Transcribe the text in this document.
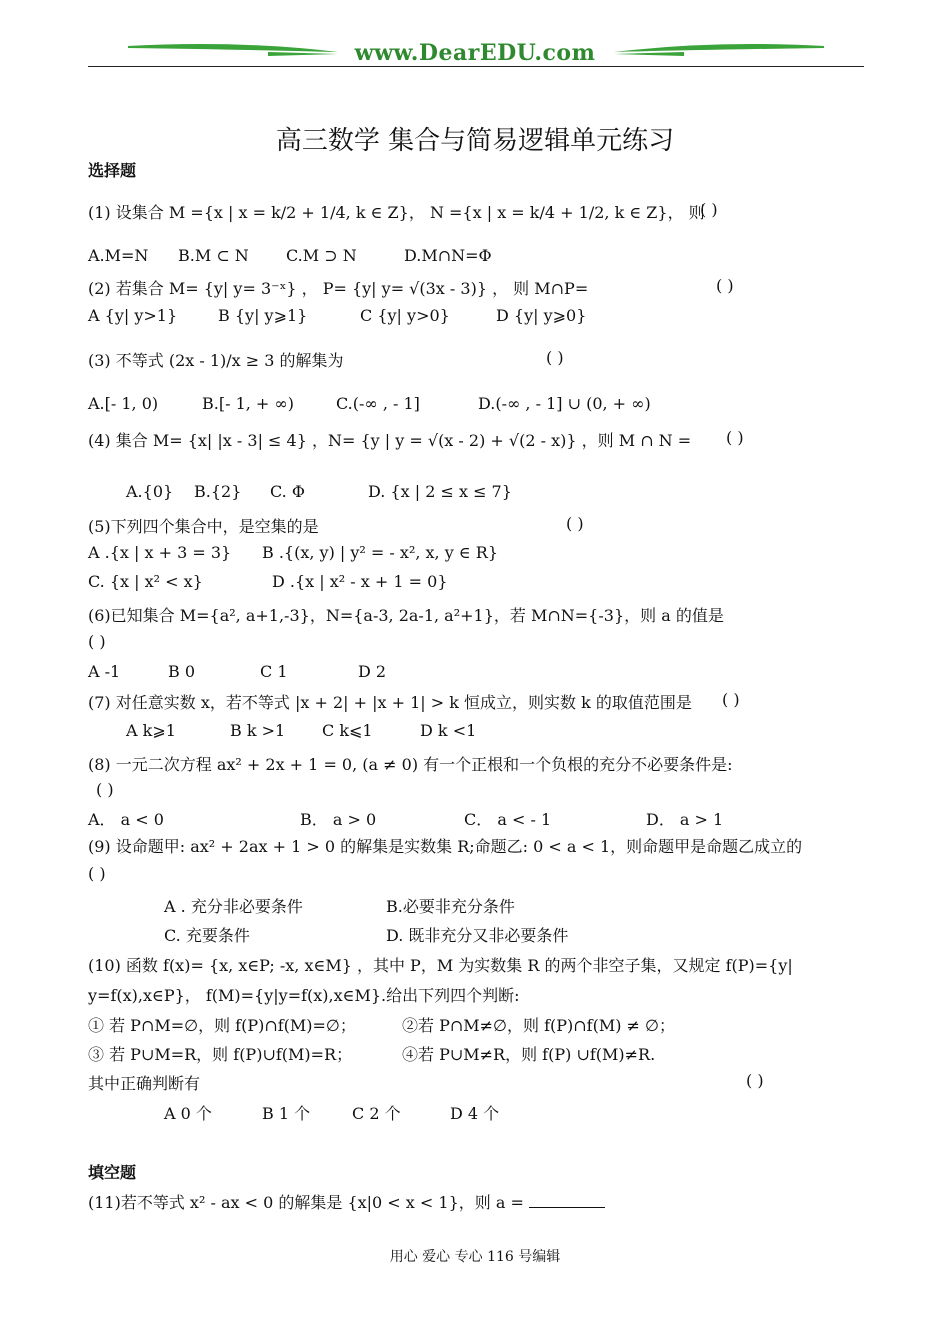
www.DearEDU.com
高三数学 集合与简易逻辑单元练习
选择题
(1) 设集合 M ={x | x = k/2 + 1/4, k ∈ Z}， N ={x | x = k/4 + 1/2, k ∈ Z}， 则
( )
A.M=N B.M ⊂ N C.M ⊃ N	D.M∩N=Φ
(2) 若集合 M= {y| y= 3⁻ˣ} ， P= {y| y= √(3x - 3)} ， 则 M∩P=	( )
A {y| y>1}	B {y| y⩾1}	C {y| y>0}	D {y| y⩾0}
(3) 不等式 (2x - 1)/x ≥ 3 的解集为	( )
A.[- 1, 0)	B.[- 1, + ∞)	C.(-∞ , - 1]	D.(-∞ , - 1] ∪ (0, + ∞)
(4) 集合 M= {x| |x - 3| ≤ 4} ，N= {y | y = √(x - 2) + √(2 - x)} ，则 M ∩ N = ( )
A.{0} B.{2} C. Φ	D. {x | 2 ≤ x ≤ 7}
(5)下列四个集合中，是空集的是	( )
A .{x | x + 3 = 3} B .{(x, y) | y² = - x², x, y ∈ R}
C. {x | x² < x}	D .{x | x² - x + 1 = 0}
(6)已知集合 M={a², a+1,-3}，N={a-3, 2a-1, a²+1}，若 M∩N={-3}，则 a 的值是
( )
A -1	B 0	C 1	D 2
(7) 对任意实数 x，若不等式 |x + 2| + |x + 1| > k 恒成立，则实数 k 的取值范围是 ( )
A k⩾1	B k >1 C k⩽1	D k <1
(8) 一元二次方程 ax² + 2x + 1 = 0, (a ≠ 0) 有一个正根和一个负根的充分不必要条件是:
( )
A． a < 0	B． a > 0	C． a < - 1	D． a > 1
(9) 设命题甲: ax² + 2ax + 1 > 0 的解集是实数集 R;命题乙: 0 < a < 1，则命题甲是命题乙成立的
( )
A . 充分非必要条件	B.必要非充分条件
C. 充要条件	D. 既非充分又非必要条件
(10) 函数 f(x)= {x, x∈P; -x, x∈M} ，其中 P，M 为实数集 R 的两个非空子集，又规定 f(P)={y|
y=f(x),x∈P}， f(M)={y|y=f(x),x∈M}.给出下列四个判断:
① 若 P∩M=∅，则 f(P)∩f(M)=∅；	②若 P∩M≠∅，则 f(P)∩f(M) ≠ ∅；
③ 若 P∪M=R，则 f(P)∪f(M)=R；	④若 P∪M≠R，则 f(P) ∪f(M)≠R.
其中正确判断有	( )
A 0 个	B 1 个	C 2 个	D 4 个
填空题
(11)若不等式 x² - ax < 0 的解集是 {x|0 < x < 1}，则 a =
用心 爱心 专心 116 号编辑
